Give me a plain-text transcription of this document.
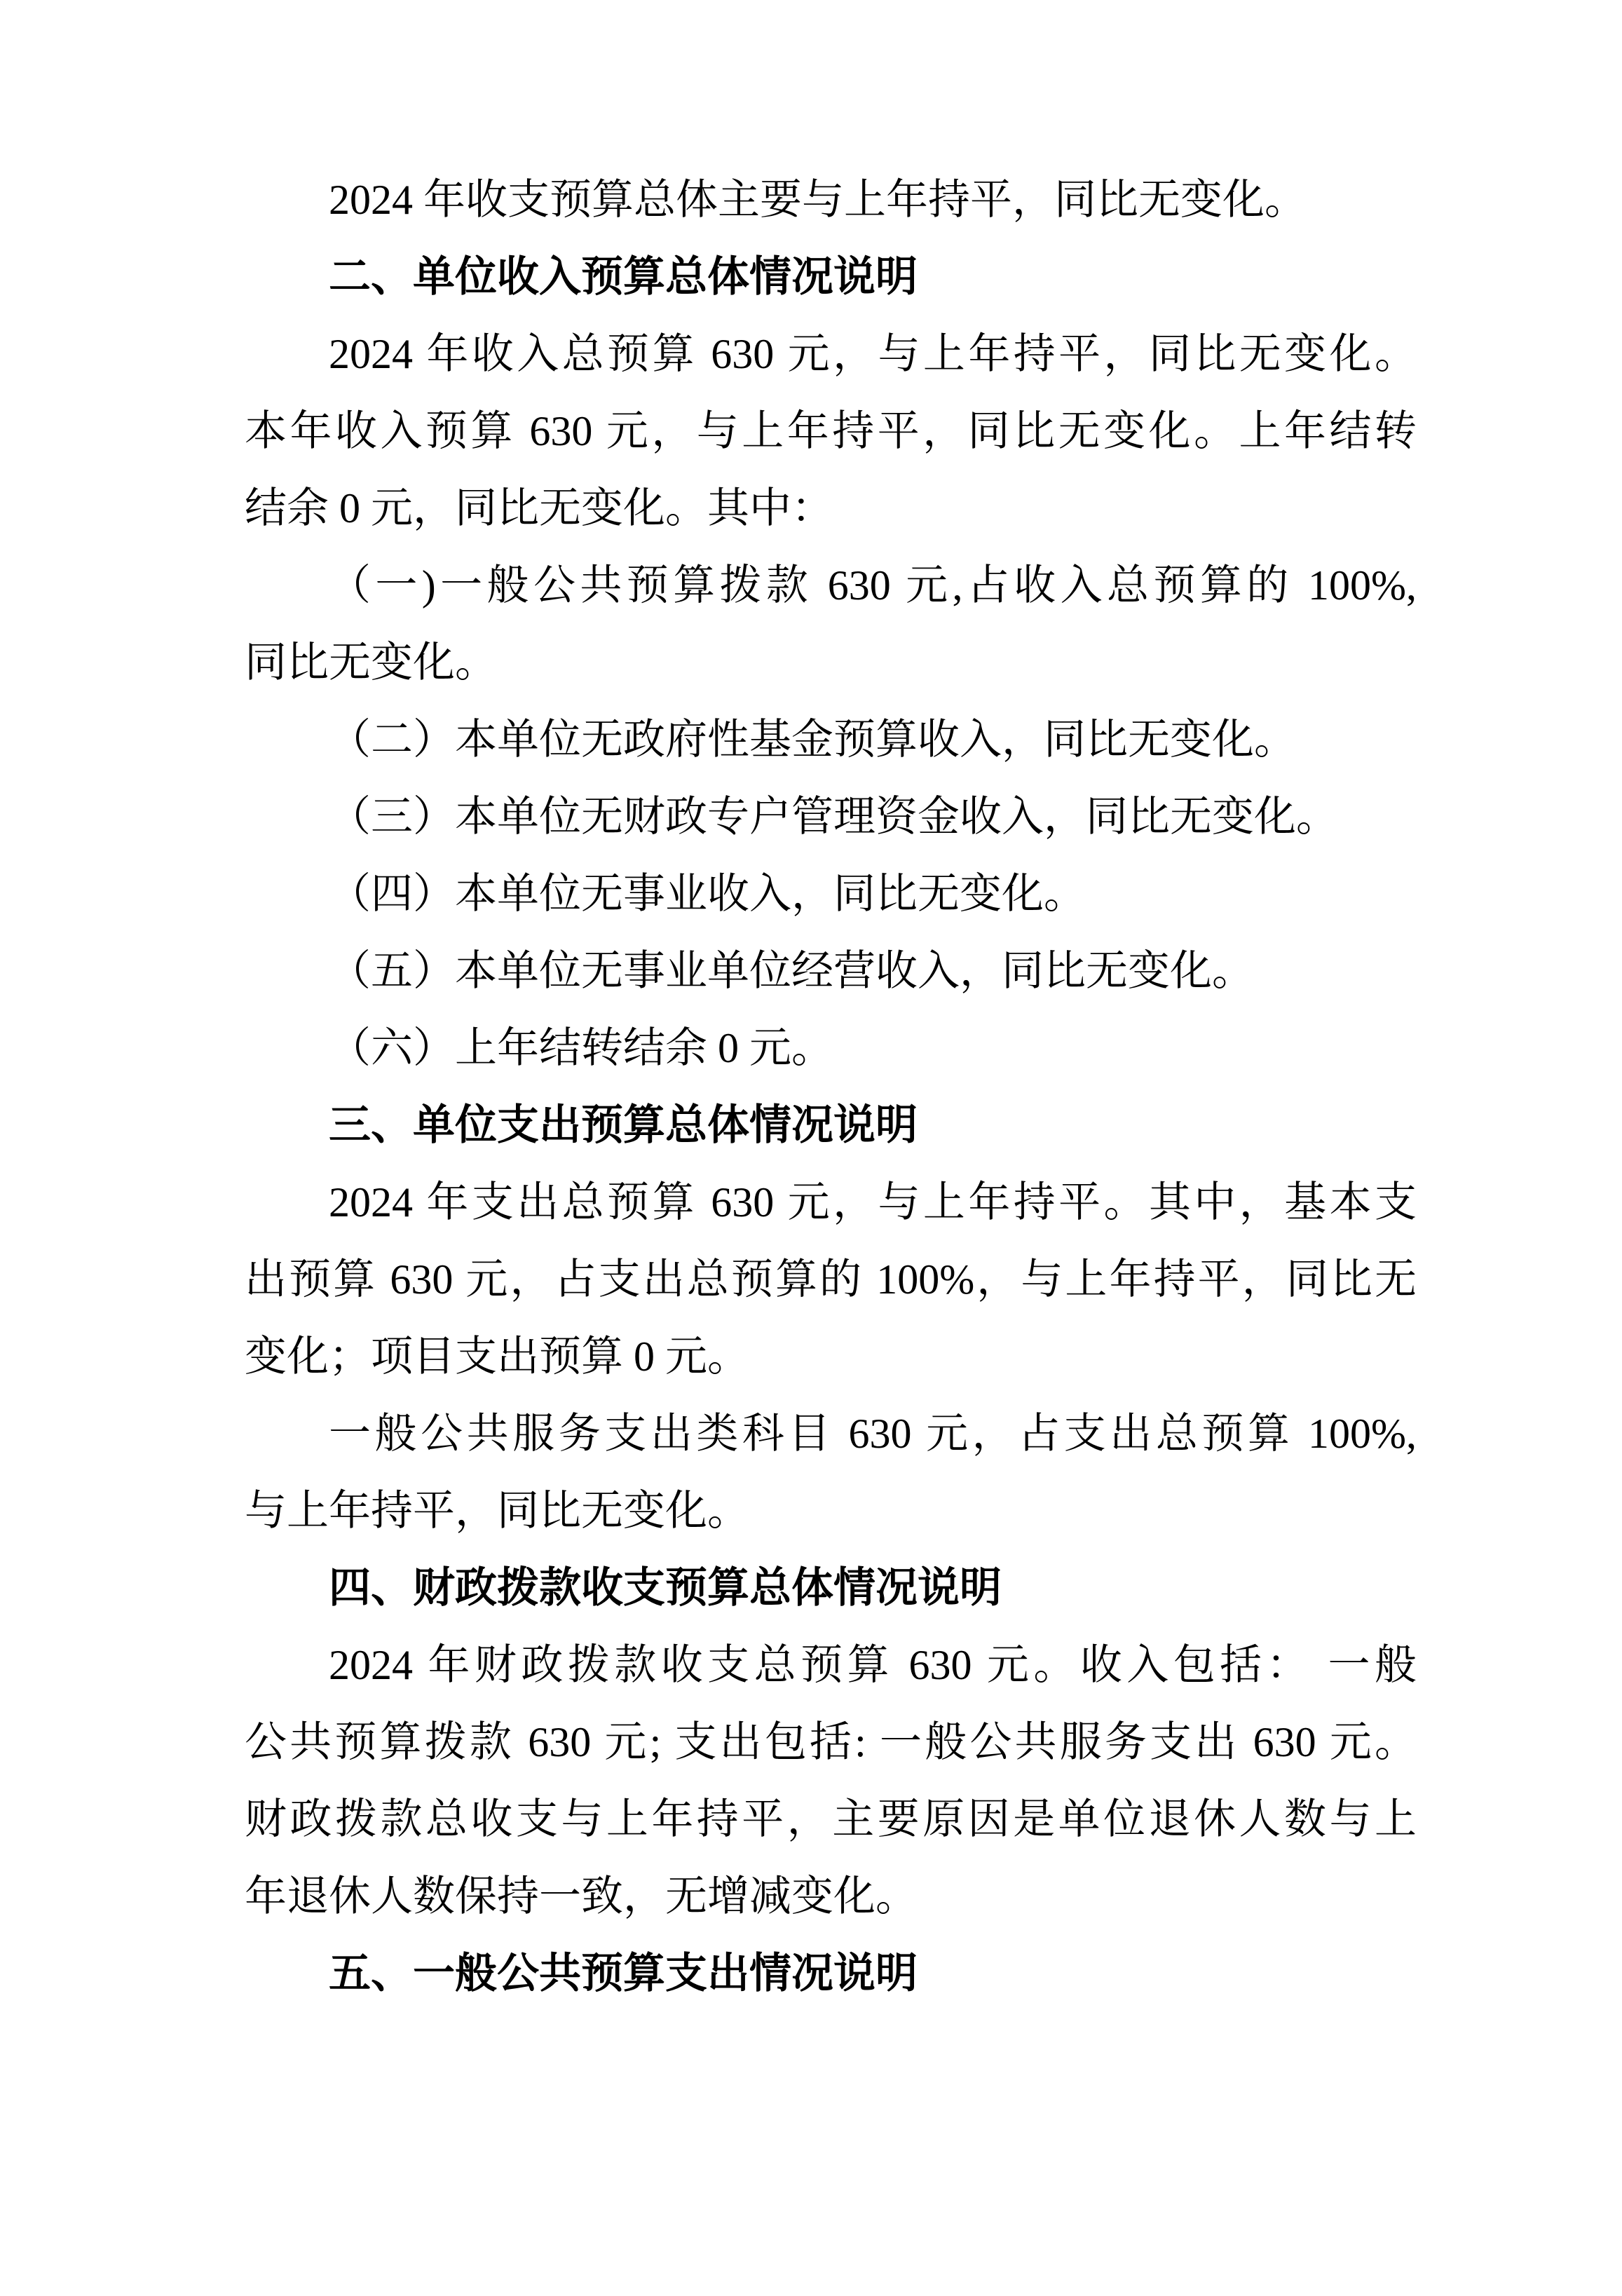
2024 年收支预算总体主要与上年持平，同比无变化。
二、单位收入预算总体情况说明
2024 年收入总预算 630 元，与上年持平，同比无变化。
本年收入预算 630 元，与上年持平，同比无变化。上年结转
结余 0 元，同比无变化。其中：
（一)一般公共预算拨款 630 元,占收入总预算的 100%,
同比无变化。
（二）本单位无政府性基金预算收入，同比无变化。
（三）本单位无财政专户管理资金收入，同比无变化。
（四）本单位无事业收入，同比无变化。
（五）本单位无事业单位经营收入，同比无变化。
（六）上年结转结余 0 元。
三、单位支出预算总体情况说明
2024 年支出总预算 630 元，与上年持平。其中，基本支
出预算 630 元，占支出总预算的 100%，与上年持平，同比无
变化；项目支出预算 0 元。
一般公共服务支出类科目 630 元，占支出总预算 100%,
与上年持平，同比无变化。
四、财政拨款收支预算总体情况说明
2024 年财政拨款收支总预算 630 元。收入包括： 一般
公共预算拨款 630 元; 支出包括: 一般公共服务支出 630 元。
财政拨款总收支与上年持平，主要原因是单位退休人数与上
年退休人数保持一致，无增减变化。
五、一般公共预算支出情况说明
